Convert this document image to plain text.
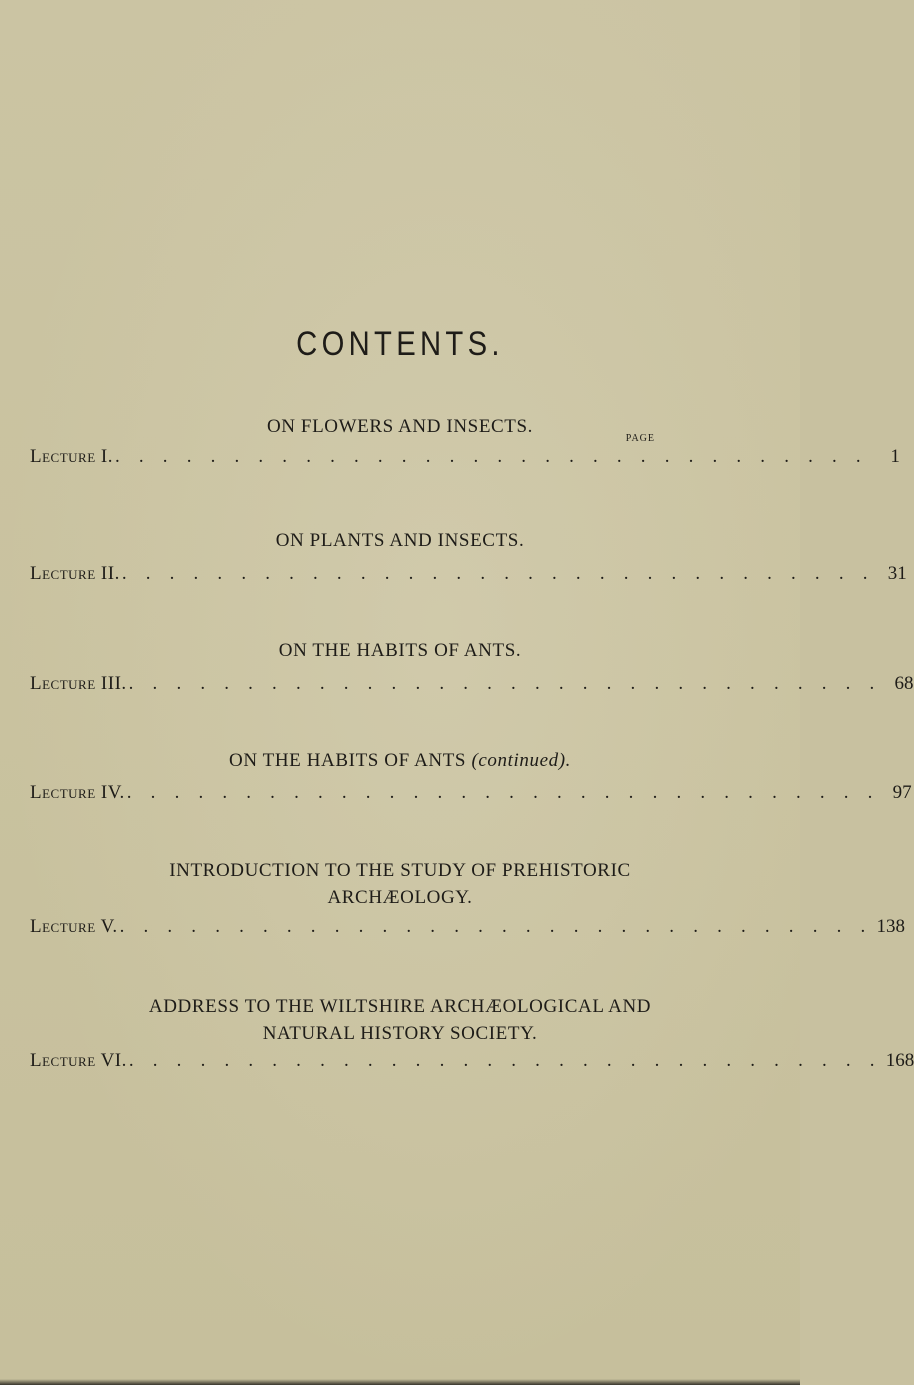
CONTENTS.
ON FLOWERS AND INSECTS.
PAGE
Lecture I. . . . . . . . . . . . . . . . . . . . . . . . . . . . . . . . .	1
ON PLANTS AND INSECTS.
Lecture II. . . . . . . . . . . . . . . . . . . . . . . . . . . . . . . . . 31
ON THE HABITS OF ANTS.
Lecture III. . . . . . . . . . . . . . . . . . . . . . . . . . . . . . . . . 68
ON THE HABITS OF ANTS (continued).
Lecture IV. . . . . . . . . . . . . . . . . . . . . . . . . . . . . . . . . 97
INTRODUCTION TO THE STUDY OF PREHISTORIC
ARCHÆOLOGY.
Lecture V. . . . . . . . . . . . . . . . . . . . . . . . . . . . . . . . . 138
ADDRESS TO THE WILTSHIRE ARCHÆOLOGICAL AND
NATURAL HISTORY SOCIETY.
Lecture VI. . . . . . . . . . . . . . . . . . . . . . . . . . . . . . . . . 168
